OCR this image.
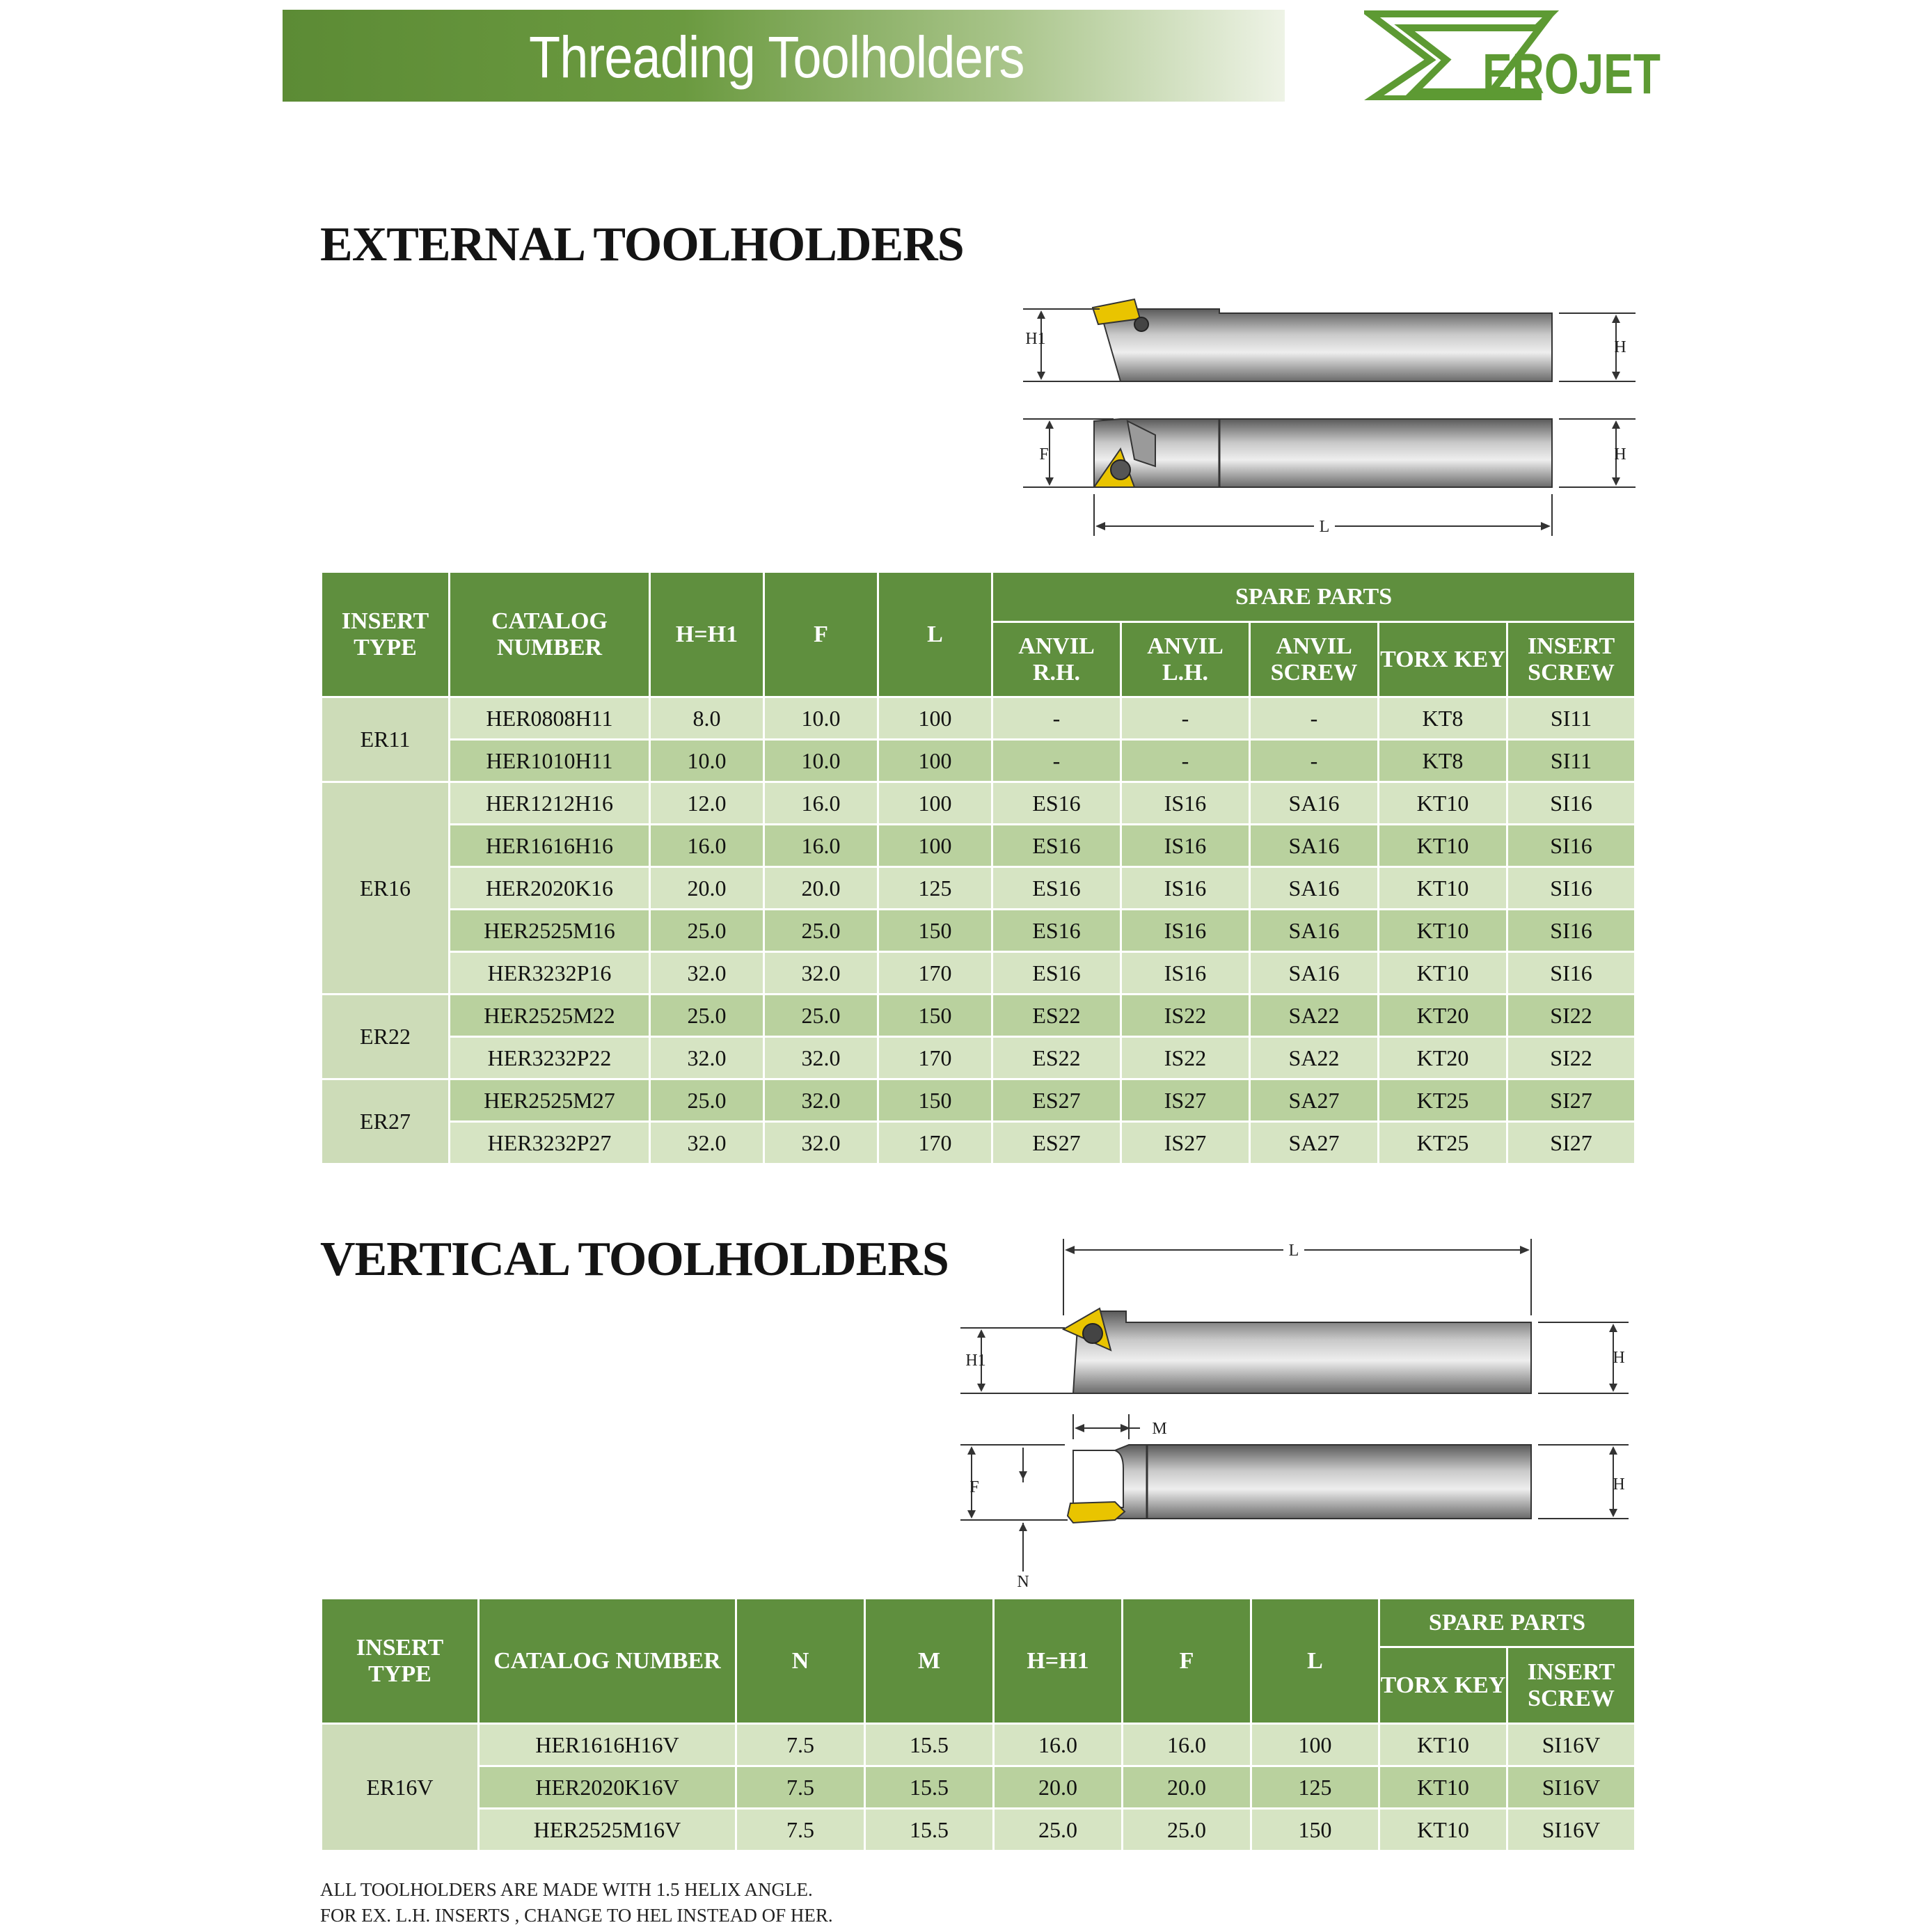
Threading Toolholders	EROJET
EXTERNAL TOOLHOLDERS
H1	H
F	H
L
INSERT TYPE	CATALOG NUMBER	H=H1	F	L	SPARE PARTS				
					ANVIL R.H.	ANVIL L.H.	ANVIL SCREW	TORX KEY	INSERT SCREW
ER11	HER0808H11	8.0	10.0	100	-	-	-	KT8	SI11
	HER1010H11	10.0	10.0	100	-	-	-	KT8	SI11
ER16	HER1212H16	12.0	16.0	100	ES16	IS16	SA16	KT10	SI16
	HER1616H16	16.0	16.0	100	ES16	IS16	SA16	KT10	SI16
	HER2020K16	20.0	20.0	125	ES16	IS16	SA16	KT10	SI16
	HER2525M16	25.0	25.0	150	ES16	IS16	SA16	KT10	SI16
	HER3232P16	32.0	32.0	170	ES16	IS16	SA16	KT10	SI16
ER22	HER2525M22	25.0	25.0	150	ES22	IS22	SA22	KT20	SI22
	HER3232P22	32.0	32.0	170	ES22	IS22	SA22	KT20	SI22
ER27	HER2525M27	25.0	32.0	150	ES27	IS27	SA27	KT25	SI27
	HER3232P27	32.0	32.0	170	ES27	IS27	SA27	KT25	SI27
VERTICAL TOOLHOLDERS	L
H1	H
M
F
N
H
INSERT TYPE	CATALOG NUMBER	N	M	H=H1	F	L	SPARE PARTS	
							TORX KEY	INSERT SCREW
ER16V	HER1616H16V	7.5	15.5	16.0	16.0	100	KT10	SI16V
	HER2020K16V	7.5	15.5	20.0	20.0	125	KT10	SI16V
	HER2525M16V	7.5	15.5	25.0	25.0	150	KT10	SI16V
ALL TOOLHOLDERS ARE MADE WITH 1.5 HELIX ANGLE.
FOR EX. L.H. INSERTS , CHANGE TO HEL INSTEAD OF HER.
